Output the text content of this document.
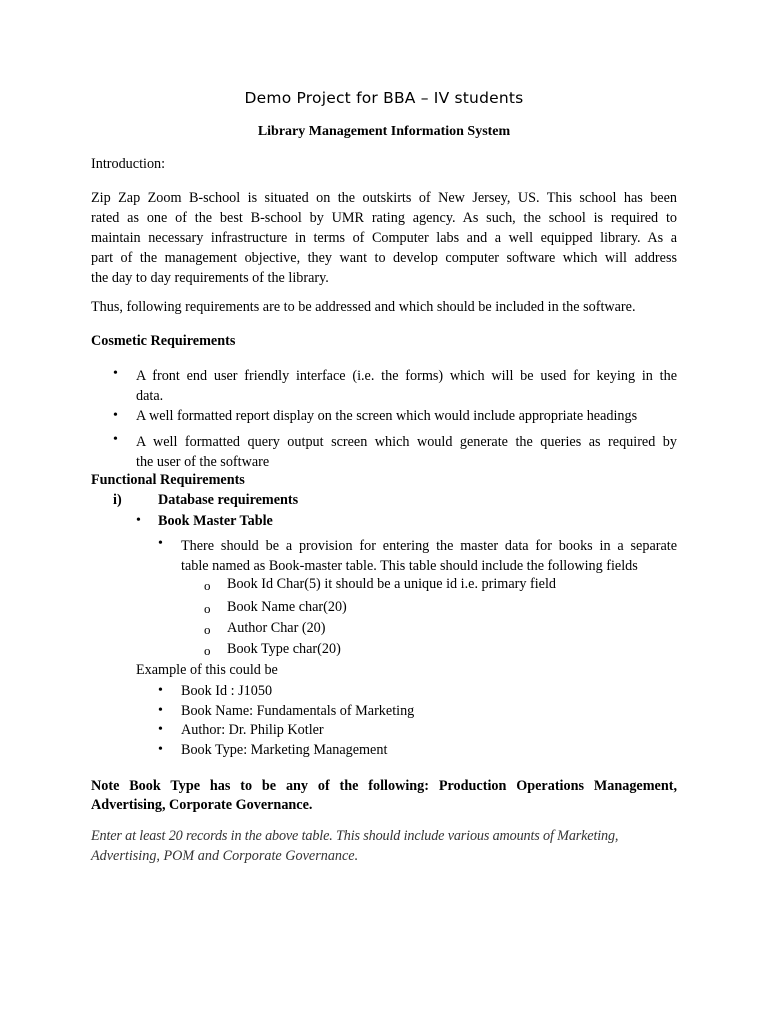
Demo Project for BBA – IV students
Library Management Information System
Introduction:
Zip Zap Zoom B-school is situated on the outskirts of New Jersey, US. This school has been
rated as one of the best B-school by UMR rating agency. As such, the school is required to
maintain necessary infrastructure in terms of Computer labs and a well equipped library. As a
part of the management objective, they want to develop computer software which will address
the day to day requirements of the library.
Thus, following requirements are to be addressed and which should be included in the software.
Cosmetic Requirements
• A front end user friendly interface (i.e. the forms) which will be used for keying in the
data.
• A well formatted report display on the screen which would include appropriate headings
• A well formatted query output screen which would generate the queries as required by
the user of the software
Functional Requirements
i)	Database requirements
• Book Master Table
• There should be a provision for entering the master data for books in a separate
table named as Book-master table. This table should include the following fields
o Book Id Char(5) it should be a unique id i.e. primary field
o Book Name char(20)
o Author Char (20)
o Book Type char(20)
Example of this could be
• Book Id : J1050
• Book Name: Fundamentals of Marketing
• Author: Dr. Philip Kotler
• Book Type: Marketing Management
Note Book Type has to be any of the following: Production Operations Management,
Advertising, Corporate Governance.
Enter at least 20 records in the above table. This should include various amounts of Marketing,
Advertising, POM and Corporate Governance.
